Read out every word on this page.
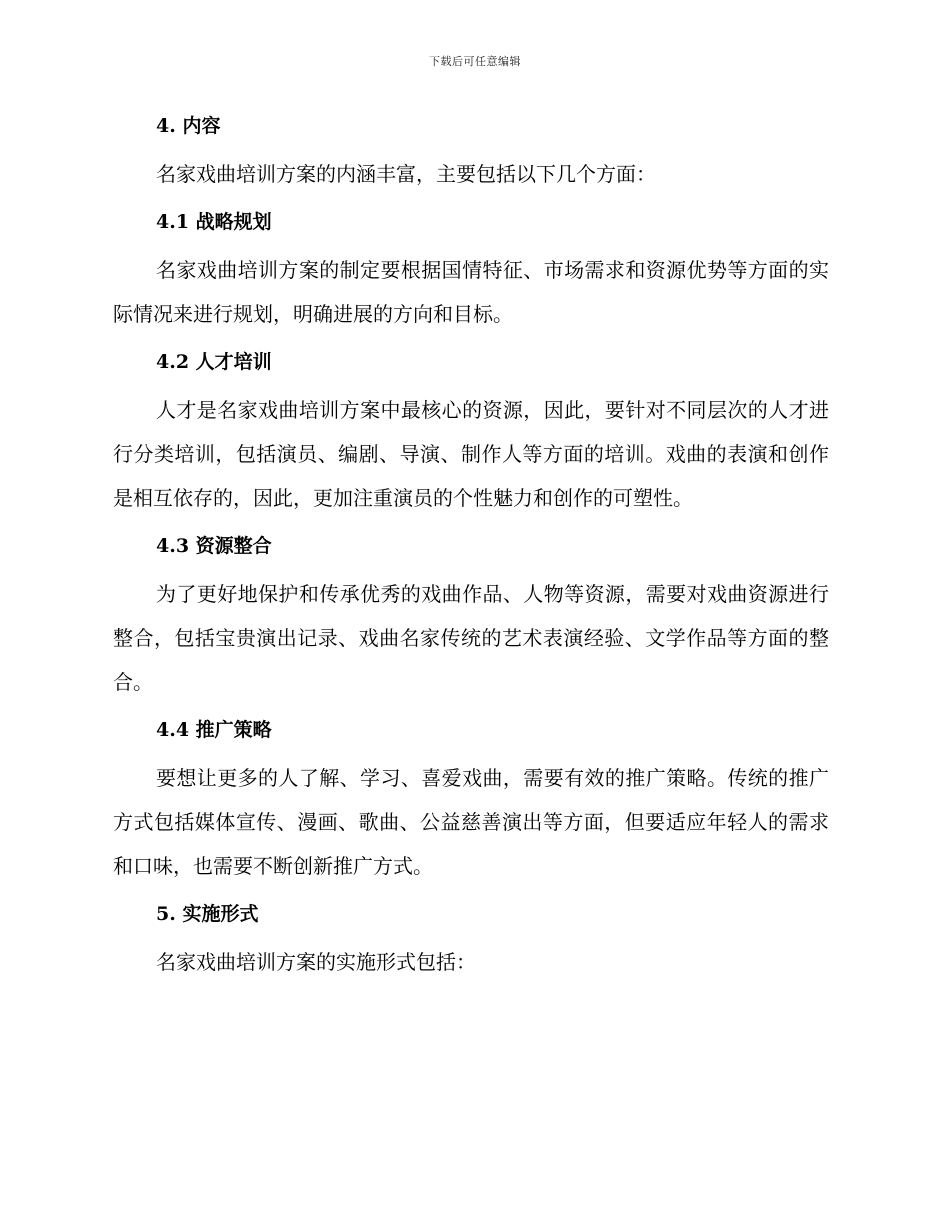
下载后可任意编辑

4. 内容

名家戏曲培训方案的内涵丰富，主要包括以下几个方面：

4.1 战略规划

名家戏曲培训方案的制定要根据国情特征、市场需求和资源优势等方面的实际情况来进行规划，明确进展的方向和目标。

4.2 人才培训

人才是名家戏曲培训方案中最核心的资源，因此，要针对不同层次的人才进行分类培训，包括演员、编剧、导演、制作人等方面的培训。戏曲的表演和创作是相互依存的，因此，更加注重演员的个性魅力和创作的可塑性。

4.3 资源整合

为了更好地保护和传承优秀的戏曲作品、人物等资源，需要对戏曲资源进行整合，包括宝贵演出记录、戏曲名家传统的艺术表演经验、文学作品等方面的整合。

4.4 推广策略

要想让更多的人了解、学习、喜爱戏曲，需要有效的推广策略。传统的推广方式包括媒体宣传、漫画、歌曲、公益慈善演出等方面，但要适应年轻人的需求和口味，也需要不断创新推广方式。

5. 实施形式

名家戏曲培训方案的实施形式包括：
